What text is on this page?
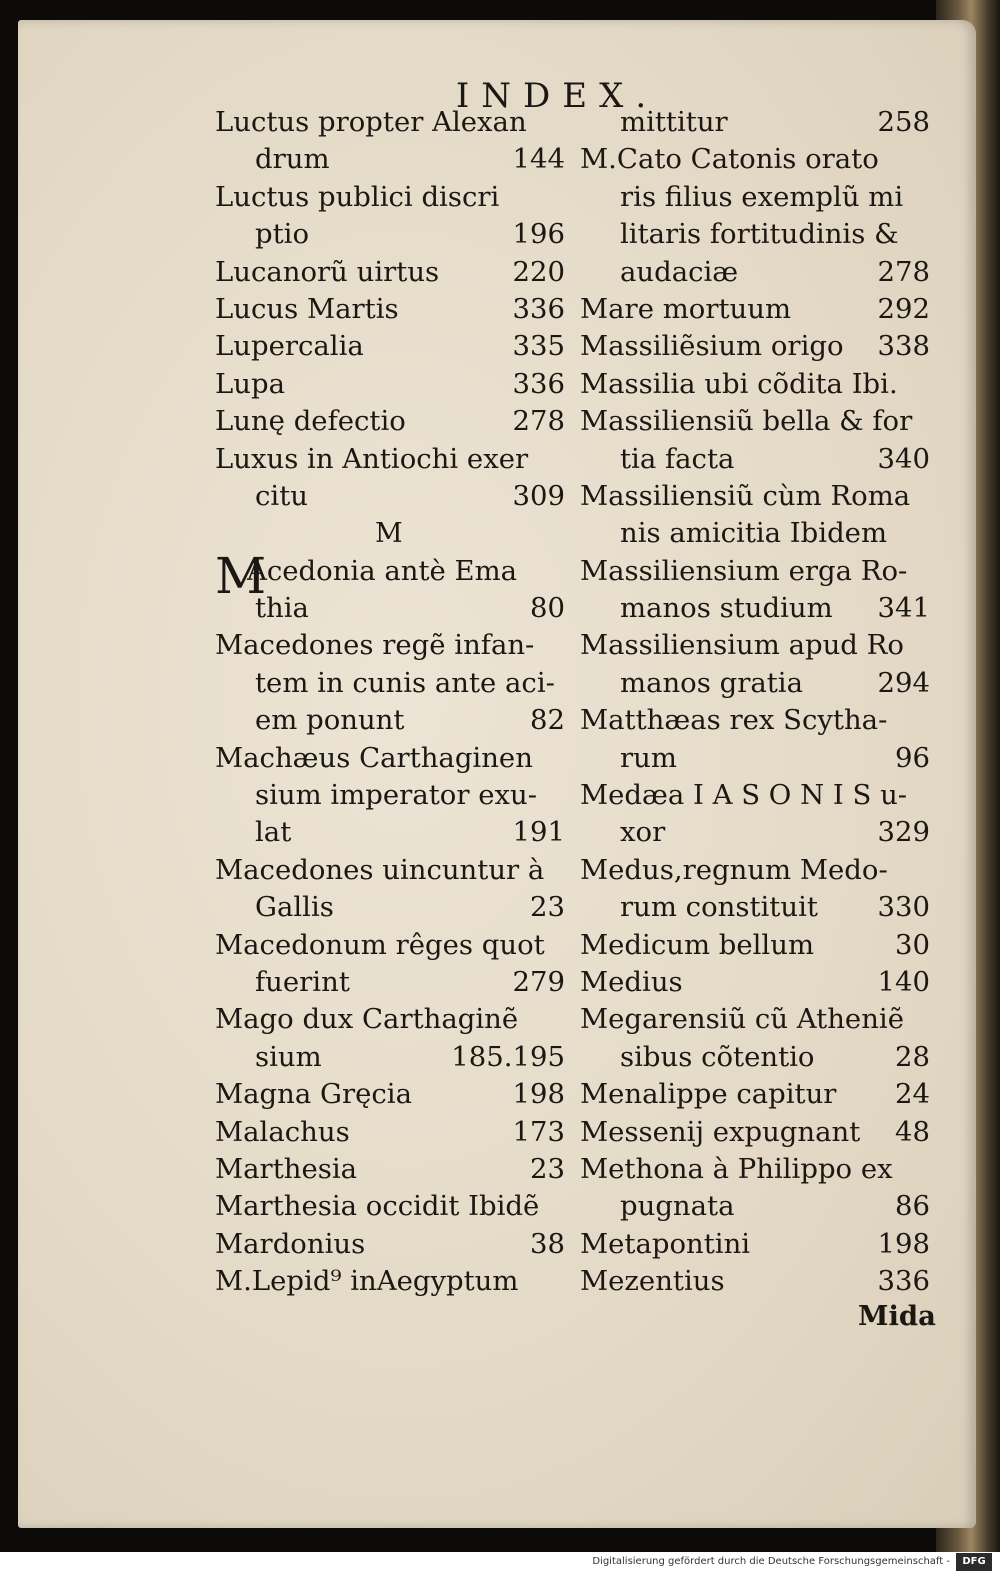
INDEX.
Luctus propter Alexan
drum	144
Luctus publici discri
ptio	196
Lucanorũ uirtus	220
Lucus Martis	336
Lupercalia	335
Lupa	336
Lunę defectio	278
Luxus in Antiochi exer
citu	309
M
M
Acedonia antè Ema
thia	80
Macedones regẽ infan-
tem in cunis ante aci-
em ponunt	82
Machæus Carthaginen
sium imperator exu-
lat	191
Macedones uincuntur à
Gallis	23
Macedonum rêges quot
fuerint	279
Mago dux Carthaginẽ
sium	185.195
Magna Gręcia	198
Malachus	173
Marthesia	23
Marthesia occidit Ibidẽ
Mardonius	38
M.Lepid⁹ inAegyptum
mittitur	258
M.Cato Catonis orato
ris filius exemplũ mi
litaris fortitudinis &
audaciæ	278
Mare mortuum	292
Massiliẽsium origo 338
Massilia ubi cõdita Ibi.
Massiliensiũ bella & for
tia facta	340
Massiliensiũ cùm Roma
nis amicitia Ibidem
Massiliensium erga Ro-
manos studium 341
Massiliensium apud Ro
manos gratia	294
Matthæas rex Scytha-
rum	96
Medæa I A S O N I S u-
xor	329
Medus,regnum Medo-
rum constituit 330
Medicum bellum	30
Medius	140
Megarensiũ cũ Atheniẽ
sibus cõtentio	28
Menalippe capitur 24
Messenij expugnant 48
Methona à Philippo ex
pugnata	86
Metapontini	198
Mezentius	336
Mida
Digitalisierung gefördert durch die Deutsche Forschungsgemeinschaft -	DFG
